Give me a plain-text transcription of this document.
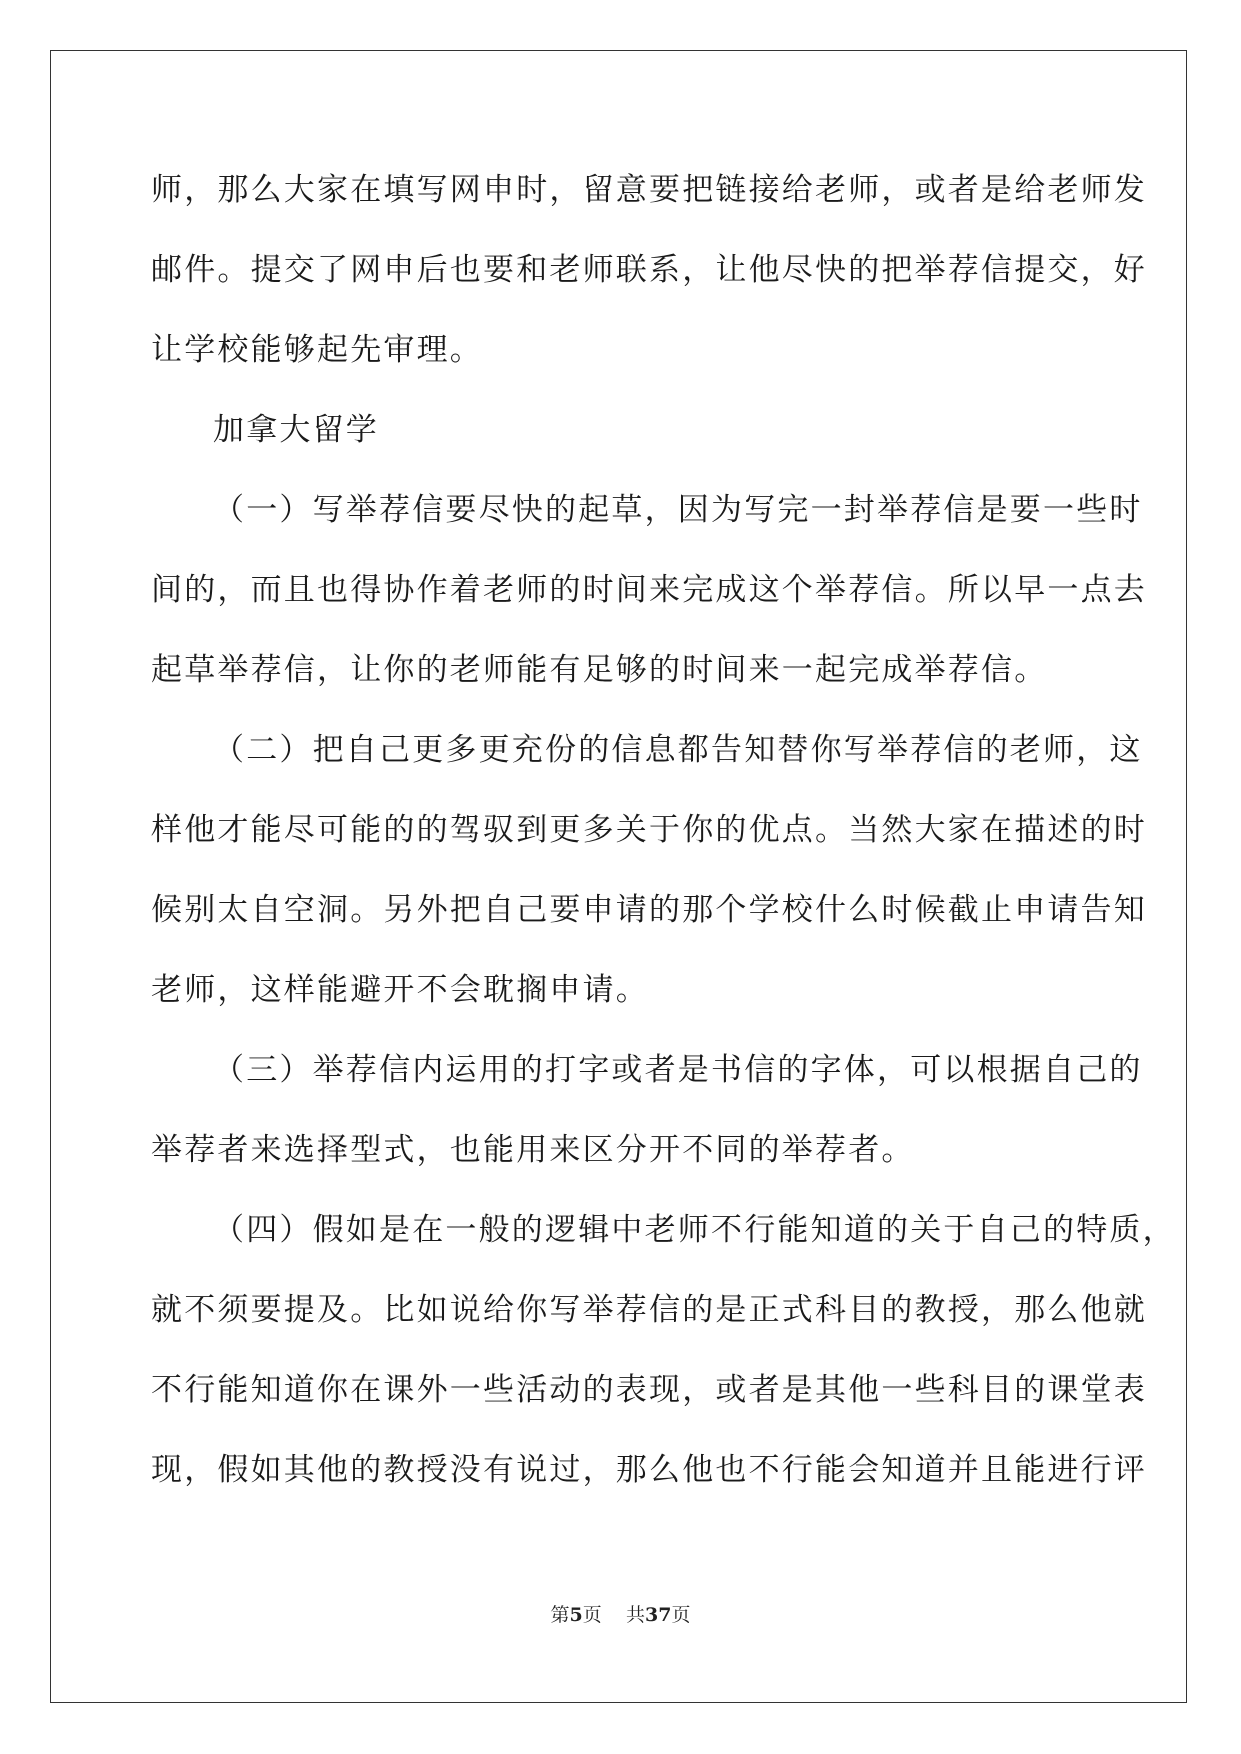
师，那么大家在填写网申时，留意要把链接给老师，或者是给老师发
邮件。提交了网申后也要和老师联系，让他尽快的把举荐信提交，好
让学校能够起先审理。
加拿大留学
（一）写举荐信要尽快的起草，因为写完一封举荐信是要一些时
间的，而且也得协作着老师的时间来完成这个举荐信。所以早一点去
起草举荐信，让你的老师能有足够的时间来一起完成举荐信。
（二）把自己更多更充份的信息都告知替你写举荐信的老师，这
样他才能尽可能的的驾驭到更多关于你的优点。当然大家在描述的时
候别太自空洞。另外把自己要申请的那个学校什么时候截止申请告知
老师，这样能避开不会耽搁申请。
（三）举荐信内运用的打字或者是书信的字体，可以根据自己的
举荐者来选择型式，也能用来区分开不同的举荐者。
（四）假如是在一般的逻辑中老师不行能知道的关于自己的特质，
就不须要提及。比如说给你写举荐信的是正式科目的教授，那么他就
不行能知道你在课外一些活动的表现，或者是其他一些科目的课堂表
现，假如其他的教授没有说过，那么他也不行能会知道并且能进行评
第5页 共37页
